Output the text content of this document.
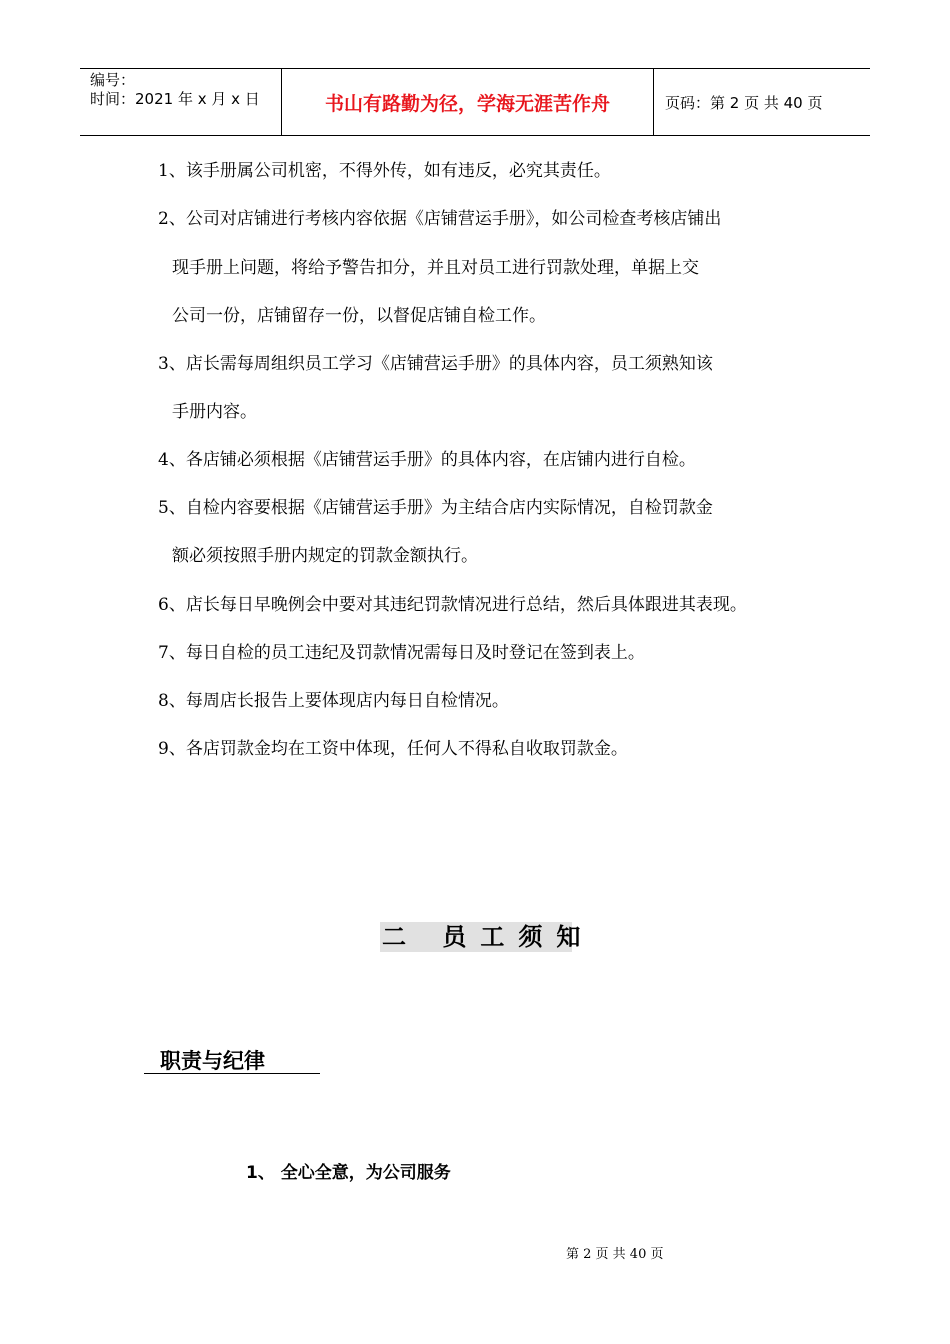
编号：
时间：2021 年 x 月 x 日	书山有路勤为径，学海无涯苦作舟	页码：第 2 页 共 40 页
1、该手册属公司机密，不得外传，如有违反，必究其责任。
2、公司对店铺进行考核内容依据《店铺营运手册》，如公司检查考核店铺出
现手册上问题，将给予警告扣分，并且对员工进行罚款处理，单据上交
公司一份，店铺留存一份，以督促店铺自检工作。
3、店长需每周组织员工学习《店铺营运手册》的具体内容，员工须熟知该
手册内容。
4、各店铺必须根据《店铺营运手册》的具体内容，在店铺内进行自检。
5、自检内容要根据《店铺营运手册》为主结合店内实际情况，自检罚款金
额必须按照手册内规定的罚款金额执行。
6、店长每日早晚例会中要对其违纪罚款情况进行总结，然后具体跟进其表现。
7、每日自检的员工违纪及罚款情况需每日及时登记在签到表上。
8、每周店长报告上要体现店内每日自检情况。
9、各店罚款金均在工资中体现，任何人不得私自收取罚款金。
二 员工须知
职责与纪律
1、 全心全意，为公司服务
第 2 页 共 40 页
